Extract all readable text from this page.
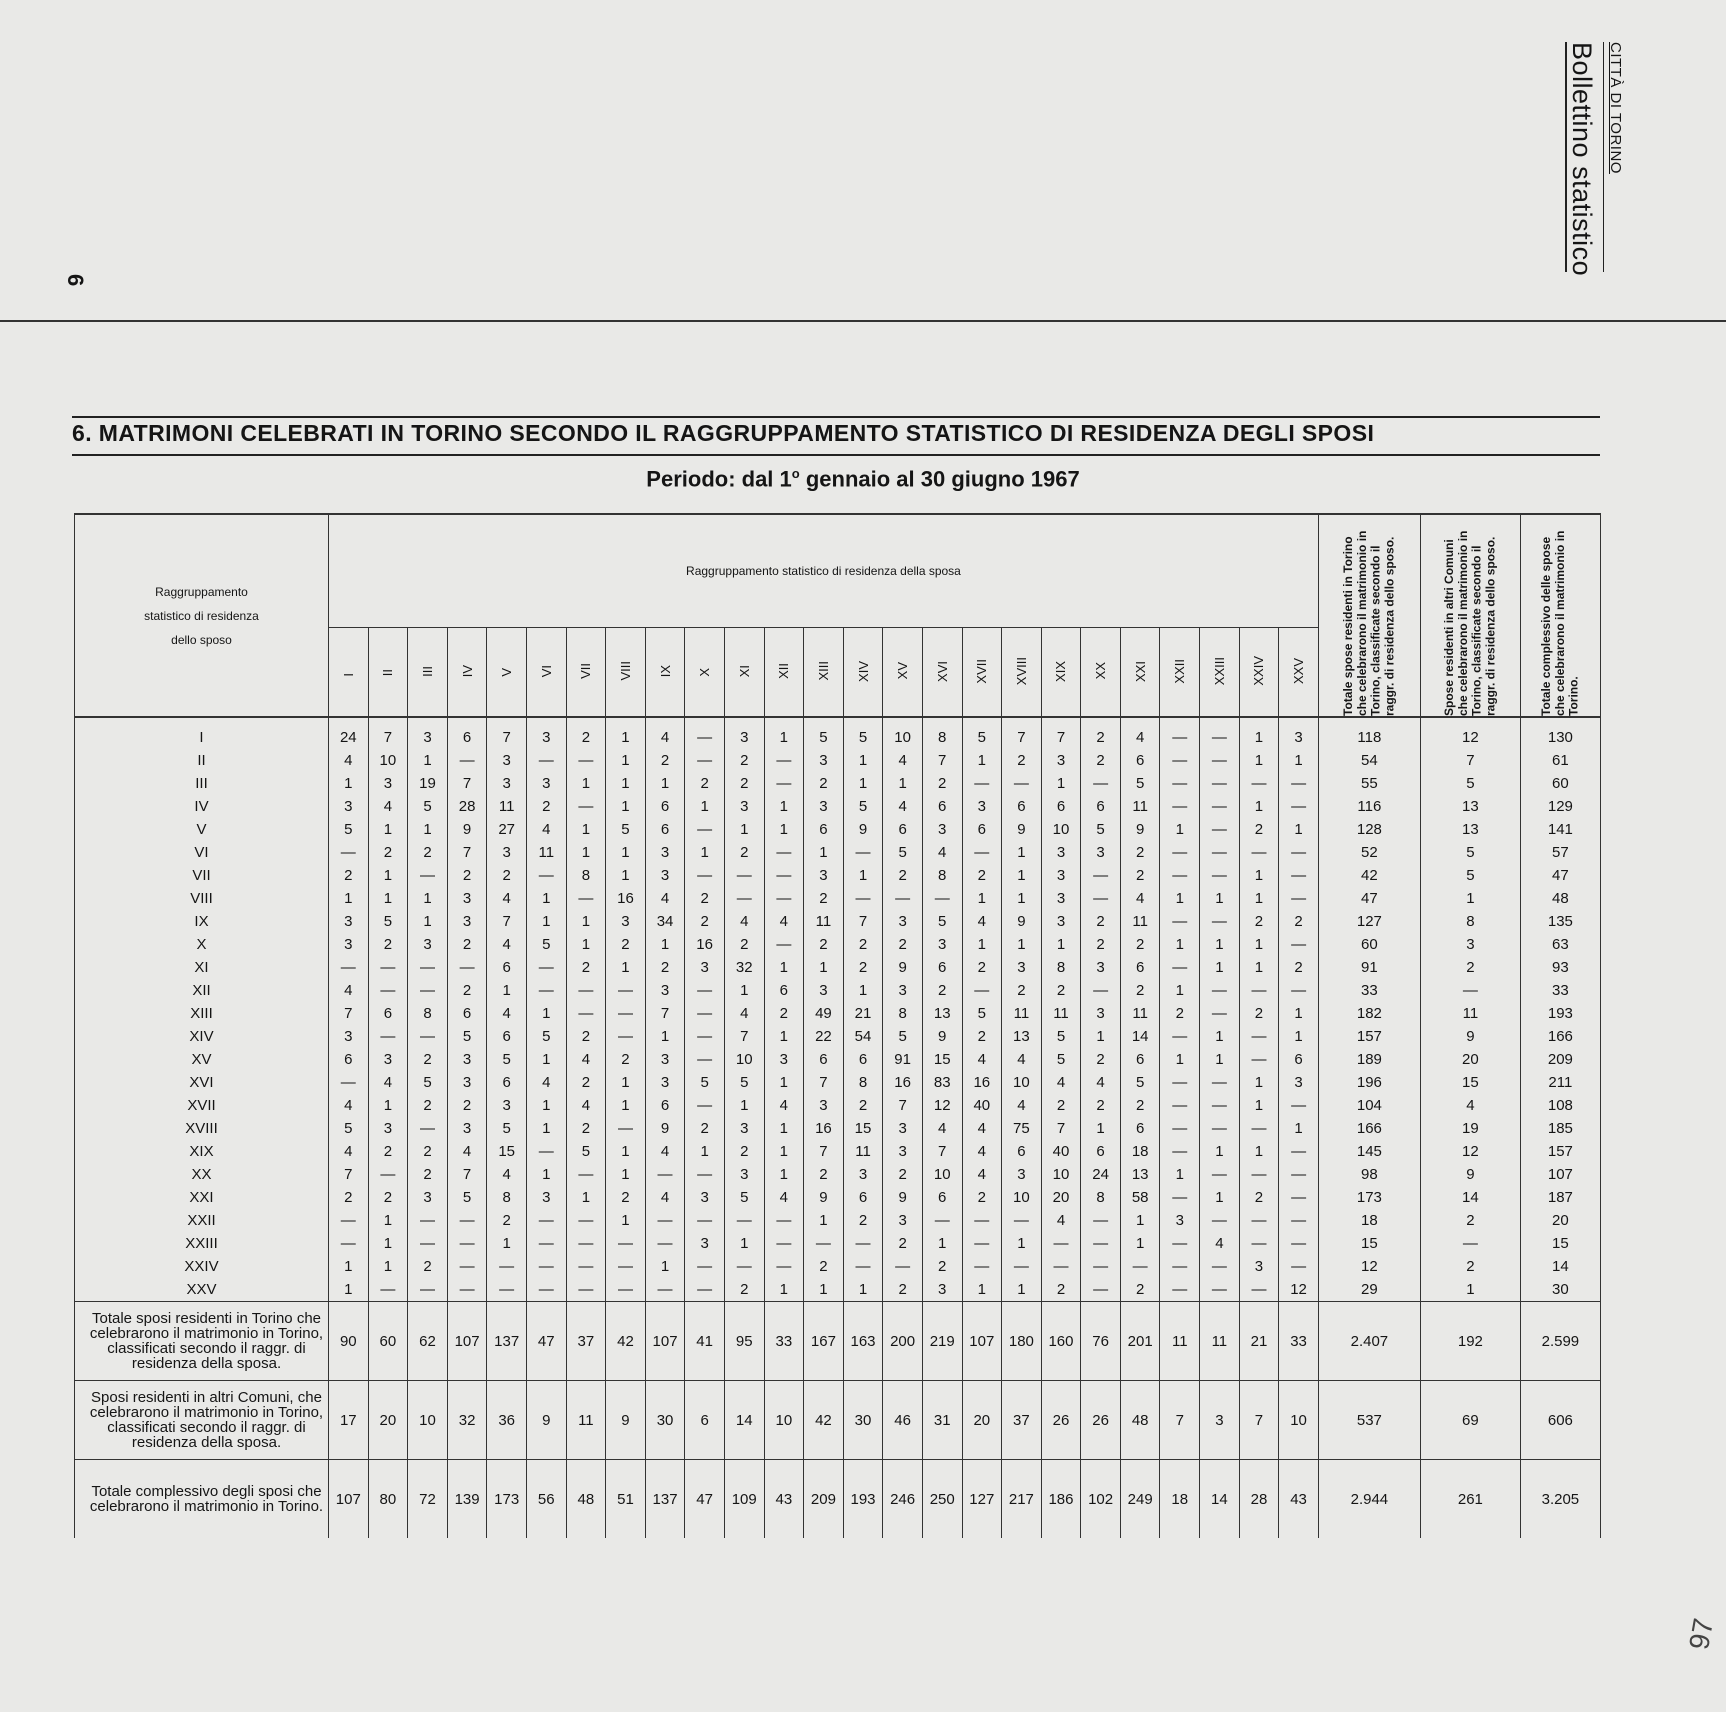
6
CITTÀ DI TORINO
Bollettino statistico
6. MATRIMONI CELEBRATI IN TORINO SECONDO IL RAGGRUPPAMENTO STATISTICO DI RESIDENZA DEGLI SPOSI
Periodo: dal 1$^o$ gennaio al 30 giugno 1967
Raggruppamento
statistico di residenza
dello sposo	Raggruppamento statistico di residenza della sposa																									Totale spose residenti in Torino che celebrarono il matrimonio in Torino, classificate secondo il raggr. di residenza dello sposo.	Spose residenti in altri Comuni che celebrarono il matrimonio in Torino, classificate secondo il raggr. di residenza dello sposo.	Totale complessivo delle spose che celebrarono il matrimonio in Torino.

	I	II	III	IV	V	VI	VII	VIII	IX	X	XI	XII	XIII	XIV	XV	XVI	XVII	XVIII	XIX	XX	XXI	XXII	XXIII	XXIV	XXV			

I	24	7	3	6	7	3	2	1	4	—	3	1	5	5	10	8	5	7	7	2	4	—	—	1	3	118	12	130
II	4	10	1	—	3	—	—	1	2	—	2	—	3	1	4	7	1	2	3	2	6	—	—	1	1	54	7	61
III	1	3	19	7	3	3	1	1	1	2	2	—	2	1	1	2	—	—	1	—	5	—	—	—	—	55	5	60
IV	3	4	5	28	11	2	—	1	6	1	3	1	3	5	4	6	3	6	6	6	11	—	—	1	—	116	13	129
V	5	1	1	9	27	4	1	5	6	—	1	1	6	9	6	3	6	9	10	5	9	1	—	2	1	128	13	141
VI	—	2	2	7	3	11	1	1	3	1	2	—	1	—	5	4	—	1	3	3	2	—	—	—	—	52	5	57
VII	2	1	—	2	2	—	8	1	3	—	—	—	3	1	2	8	2	1	3	—	2	—	—	1	—	42	5	47
VIII	1	1	1	3	4	1	—	16	4	2	—	—	2	—	—	—	1	1	3	—	4	1	1	1	—	47	1	48
IX	3	5	1	3	7	1	1	3	34	2	4	4	11	7	3	5	4	9	3	2	11	—	—	2	2	127	8	135
X	3	2	3	2	4	5	1	2	1	16	2	—	2	2	2	3	1	1	1	2	2	1	1	1	—	60	3	63
XI	—	—	—	—	6	—	2	1	2	3	32	1	1	2	9	6	2	3	8	3	6	—	1	1	2	91	2	93
XII	4	—	—	2	1	—	—	—	3	—	1	6	3	1	3	2	—	2	2	—	2	1	—	—	—	33	—	33
XIII	7	6	8	6	4	1	—	—	7	—	4	2	49	21	8	13	5	11	11	3	11	2	—	2	1	182	11	193
XIV	3	—	—	5	6	5	2	—	1	—	7	1	22	54	5	9	2	13	5	1	14	—	1	—	1	157	9	166
XV	6	3	2	3	5	1	4	2	3	—	10	3	6	6	91	15	4	4	5	2	6	1	1	—	6	189	20	209
XVI	—	4	5	3	6	4	2	1	3	5	5	1	7	8	16	83	16	10	4	4	5	—	—	1	3	196	15	211
XVII	4	1	2	2	3	1	4	1	6	—	1	4	3	2	7	12	40	4	2	2	2	—	—	1	—	104	4	108
XVIII	5	3	—	3	5	1	2	—	9	2	3	1	16	15	3	4	4	75	7	1	6	—	—	—	1	166	19	185
XIX	4	2	2	4	15	—	5	1	4	1	2	1	7	11	3	7	4	6	40	6	18	—	1	1	—	145	12	157
XX	7	—	2	7	4	1	—	1	—	—	3	1	2	3	2	10	4	3	10	24	13	1	—	—	—	98	9	107
XXI	2	2	3	5	8	3	1	2	4	3	5	4	9	6	9	6	2	10	20	8	58	—	1	2	—	173	14	187
XXII	—	1	—	—	2	—	—	1	—	—	—	—	1	2	3	—	—	—	4	—	1	3	—	—	—	18	2	20
XXIII	—	1	—	—	1	—	—	—	—	3	1	—	—	—	2	1	—	1	—	—	1	—	4	—	—	15	—	15
XXIV	1	1	2	—	—	—	—	—	1	—	—	—	2	—	—	2	—	—	—	—	—	—	—	3	—	12	2	14
XXV	1	—	—	—	—	—	—	—	—	—	2	1	1	1	2	3	1	1	2	—	2	—	—	—	12	29	1	30
Totale sposi residenti in Torino che celebrarono il matrimonio in Torino, classificati secondo il raggr. di residenza della sposa.	90	60	62	107	137	47	37	42	107	41	95	33	167	163	200	219	107	180	160	76	201	11	11	21	33	2.407	192	2.599
Sposi residenti in altri Comuni, che celebrarono il matrimonio in Torino, classificati secondo il raggr. di residenza della sposa.	17	20	10	32	36	9	11	9	30	6	14	10	42	30	46	31	20	37	26	26	48	7	3	7	10	537	69	606
Totale complessivo degli sposi che celebrarono il matrimonio in Torino.	107	80	72	139	173	56	48	51	137	47	109	43	209	193	246	250	127	217	186	102	249	18	14	28	43	2.944	261	3.205
97
